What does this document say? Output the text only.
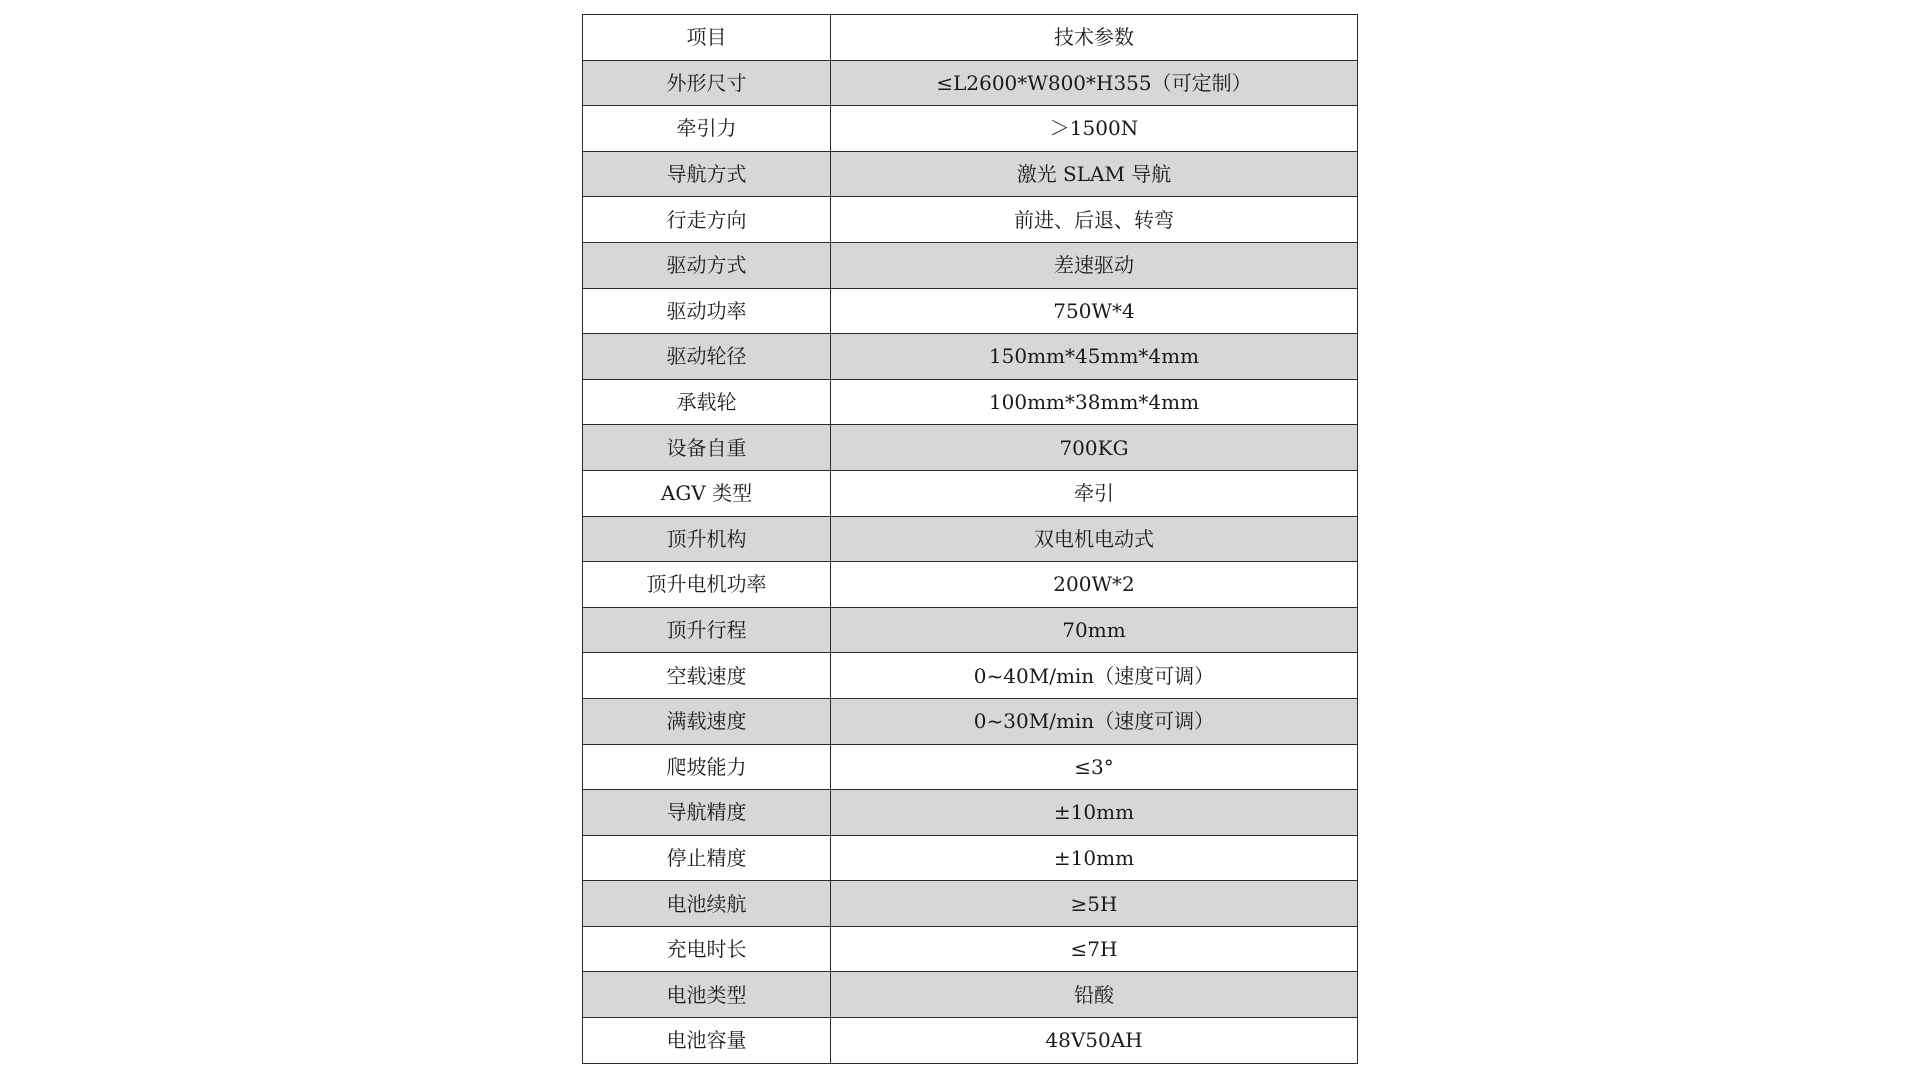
项目	技术参数
外形尺寸	≤L2600*W800*H355（可定制）
牵引力	＞1500N
导航方式	激光 SLAM 导航
行走方向	前进、后退、转弯
驱动方式	差速驱动
驱动功率	750W*4
驱动轮径	150mm*45mm*4mm
承载轮	100mm*38mm*4mm
设备自重	700KG
AGV 类型	牵引
顶升机构	双电机电动式
顶升电机功率	200W*2
顶升行程	70mm
空载速度	0~40M/min（速度可调）
满载速度	0~30M/min（速度可调）
爬坡能力	≤3°
导航精度	±10mm
停止精度	±10mm
电池续航	≥5H
充电时长	≤7H
电池类型	铅酸
电池容量	48V50AH
